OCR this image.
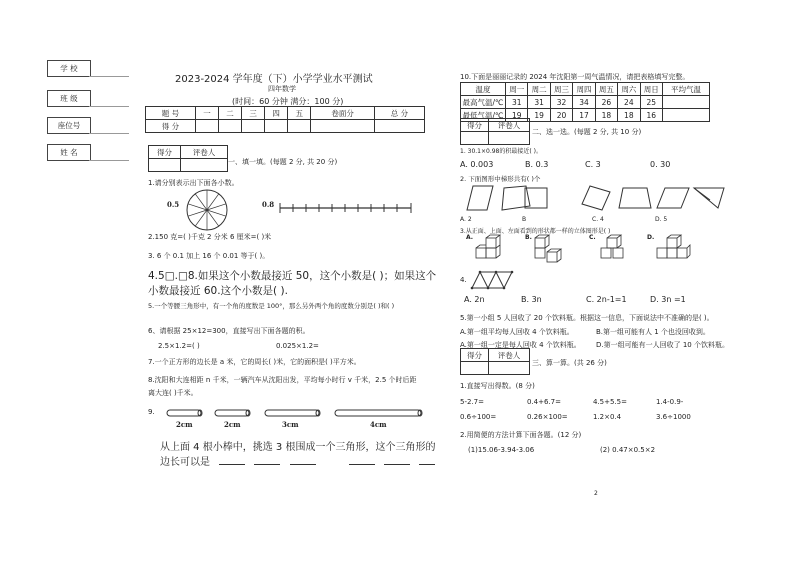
学 校
班 级
座位号
姓 名
2023-2024 学年度（下）小学学业水平测试
四年数学
(时间：60 分钟 满分：100 分)
题 号	一	二	三	四	五	卷面分	总 分
得 分							
得分	评卷人

一、填一填。(每题 2 分, 共 20 分)
1.请分别表示出下面各小数。
0.5	0.8
2.150 克=( )千克 2 分米 6 厘米=( )米
3. 6 个 0.1 加上 16 个 0.01 等于( )。
4.5□.□8.如果这个小数最接近 50，这个小数是( )；如果这个
小数最接近 60.这个小数是( ).
5.一个等腰三角形中，有一个角的度数是 100°，那么另外两个角的度数分别是( )和( )
6、请根据 25×12=300，直接写出下面各题的积。
2.5×1.2=( )	0.025×1.2=
7.一个正方形的边长是 a 米，它的周长( )米，它的面积是( )平方米。
8.沈阳和大连相距 n 千米，一辆汽车从沈阳出发，平均每小时行 v 千米，2.5 个时后距
离大连( )千米。
9.
2cm	2cm	3cm	4cm
从上面 4 根小棒中，挑选 3 根围成一个三角形，这个三角形的
边长可以是
10.下面是丽丽记录的 2024 年沈阳第一周气温情况，请把表格填写完整。
温度	周一	周二	周三	周四	周五	周六	周日	平均气温
最高气温/℃	31	31	32	34	26	24	25	
最低气温/℃	19	19	20	17	18	18	16	
得分	评卷人

二、选一选。(每题 2 分, 共 10 分)
1. 30.1×0.98的积最接近( )。
A. 0.003	B. 0.3	C. 3	0. 30
2. 下面图形中梯形共有( )个
A. 2	B	C. 4	D. 5
3.从正面、上面、左面看到的形状都一样的立体图形是( )
A.	B.	C.	D.
4.
A. 2n	B. 3n	C. 2n-1=1	D. 3n =1
5.第一小组 5 人回收了 20 个饮料瓶。根据这一信息，下面说法中不准确的是( )。
A.第一组平均每人回收 4 个饮料瓶。	B.第一组可能有人 1 个也没回收到。
A.第一组一定是每人回收 4 个饮料瓶。 D.第一组可能有一人回收了 10 个饮料瓶。
得分	评卷人

三、算一算。(共 26 分)
1.直接写出得数。(8 分)
5-2.7=	0.4+6.7=	4.5+5.5=	1.4-0.9-
0.6÷100=	0.26×100=	1.2×0.4	3.6÷1000
2.用简便的方法计算下面各题。(12 分)
(1)15.06-3.94-3.06	(2) 0.47×0.5×2
2
